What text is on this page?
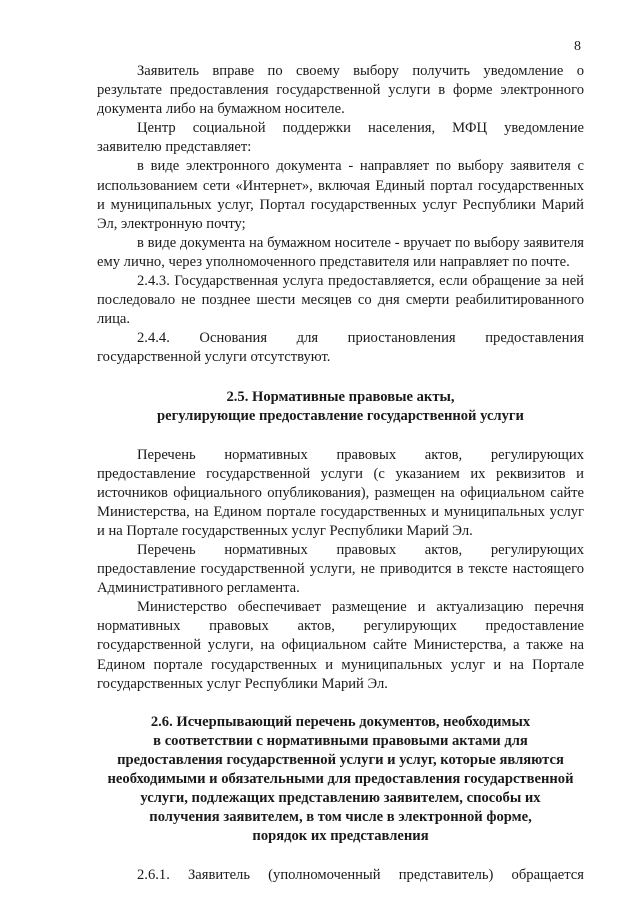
8

Заявитель вправе по своему выбору получить уведомление о результате предоставления государственной услуги в форме электронного документа либо на бумажном носителе.

Центр социальной поддержки населения, МФЦ уведомление заявителю представляет:

в виде электронного документа - направляет по выбору заявителя с использованием сети «Интернет», включая Единый портал государственных и муниципальных услуг, Портал государственных услуг Республики Марий Эл, электронную почту;

в виде документа на бумажном носителе - вручает по выбору заявителя ему лично, через уполномоченного представителя или направляет по почте.

2.4.3. Государственная услуга предоставляется, если обращение за ней последовало не позднее шести месяцев со дня смерти реабилитированного лица.

2.4.4. Основания для приостановления предоставления государственной услуги отсутствуют.

2.5. Нормативные правовые акты,

регулирующие предоставление государственной услуги

Перечень нормативных правовых актов, регулирующих предоставление государственной услуги (с указанием их реквизитов и источников официального опубликования), размещен на официальном сайте Министерства, на Едином портале государственных и муниципальных услуг и на Портале государственных услуг Республики Марий Эл.

Перечень нормативных правовых актов, регулирующих предоставление государственной услуги, не приводится в тексте настоящего Административного регламента.

Министерство обеспечивает размещение и актуализацию перечня нормативных правовых актов, регулирующих предоставление государственной услуги, на официальном сайте Министерства, а также на Едином портале государственных и муниципальных услуг и на Портале государственных услуг Республики Марий Эл.

2.6. Исчерпывающий перечень документов, необходимых

в соответствии с нормативными правовыми актами для

предоставления государственной услуги и услуг, которые являются

необходимыми и обязательными для предоставления государственной

услуги, подлежащих представлению заявителем, способы их

получения заявителем, в том числе в электронной форме,

порядок их представления

2.6.1. Заявитель (уполномоченный представитель) обращается
